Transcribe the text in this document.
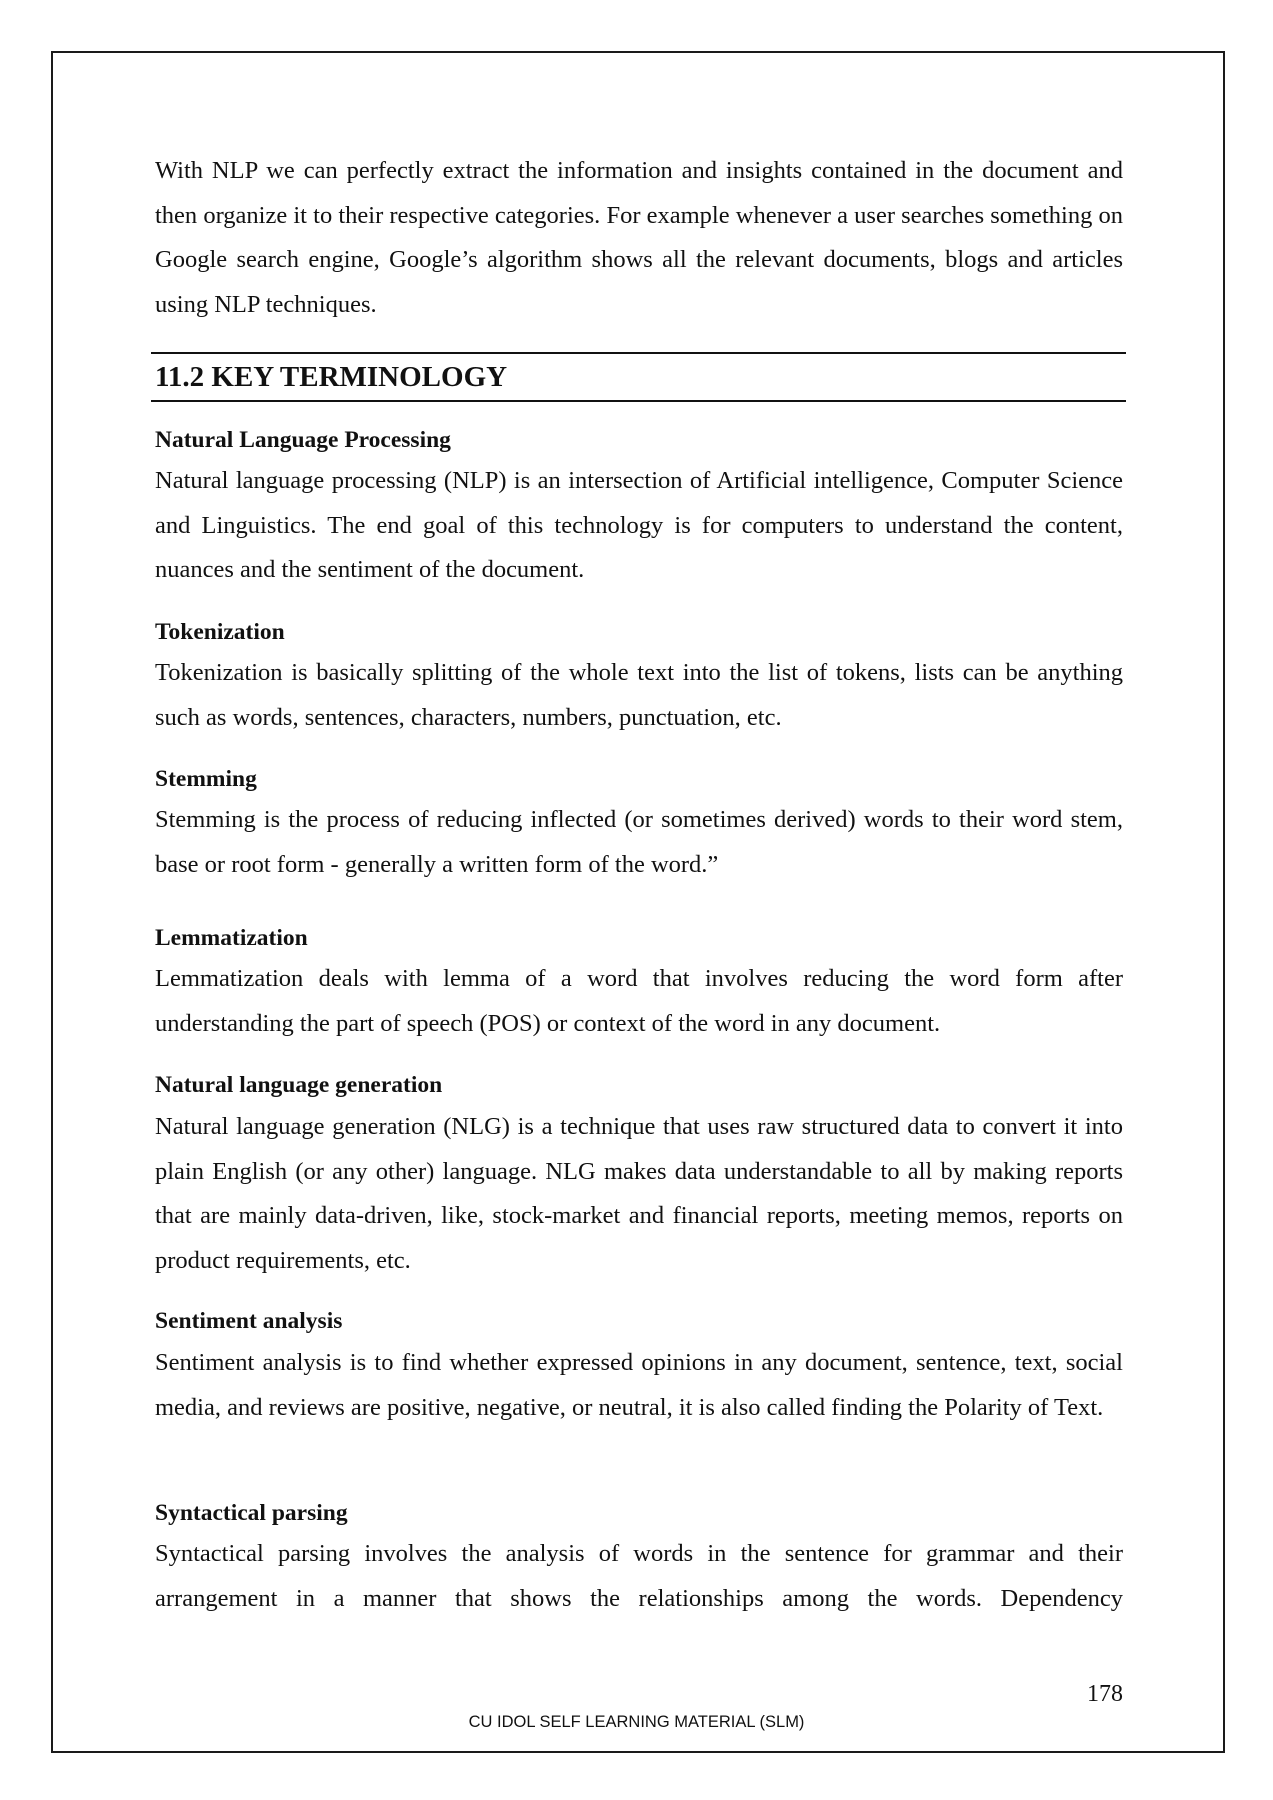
With NLP we can perfectly extract the information and insights contained in the document and then organize it to their respective categories. For example whenever a user searches something on Google search engine, Google’s algorithm shows all the relevant documents, blogs and articles using NLP techniques.

11.2 KEY TERMINOLOGY
Natural Language Processing

Natural language processing (NLP) is an intersection of Artificial intelligence, Computer Science and Linguistics. The end goal of this technology is for computers to understand the content, nuances and the sentiment of the document.

Tokenization

Tokenization is basically splitting of the whole text into the list of tokens, lists can be anything such as words, sentences, characters, numbers, punctuation, etc.

Stemming

Stemming is the process of reducing inflected (or sometimes derived) words to their word stem, base or root form - generally a written form of the word.”

Lemmatization

Lemmatization deals with lemma of a word that involves reducing the word form after understanding the part of speech (POS) or context of the word in any document.

Natural language generation

Natural language generation (NLG) is a technique that uses raw structured data to convert it into plain English (or any other) language. NLG makes data understandable to all by making reports that are mainly data-driven, like, stock-market and financial reports, meeting memos, reports on product requirements, etc.

Sentiment analysis

Sentiment analysis is to find whether expressed opinions in any document, sentence, text, social media, and reviews are positive, negative, or neutral, it is also called finding the Polarity of Text.

Syntactical parsing

Syntactical parsing involves the analysis of words in the sentence for grammar and their arrangement in a manner that shows the relationships among the words. Dependency

178
CU IDOL SELF LEARNING MATERIAL (SLM)
